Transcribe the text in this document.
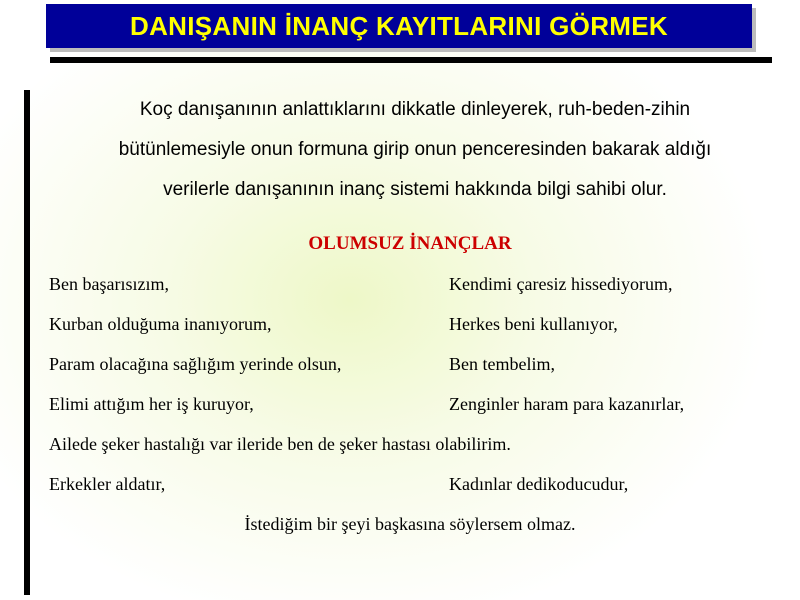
DANIŞANIN İNANÇ KAYITLARINI GÖRMEK
Koç danışanının anlattıklarını dikkatle dinleyerek, ruh-beden-zihin
bütünlemesiyle onun formuna girip onun penceresinden bakarak aldığı
verilerle danışanının inanç sistemi hakkında bilgi sahibi olur.
OLUMSUZ İNANÇLAR
Ben başarısızım,	Kendimi çaresiz hissediyorum,
Kurban olduğuma inanıyorum,	Herkes beni kullanıyor,
Param olacağına sağlığım yerinde olsun,	Ben tembelim,
Elimi attığım her iş kuruyor,	Zenginler haram para kazanırlar,
Ailede şeker hastalığı var ileride ben de şeker hastası olabilirim.
Erkekler aldatır,	Kadınlar dedikoducudur,
İstediğim bir şeyi başkasına söylersem olmaz.
